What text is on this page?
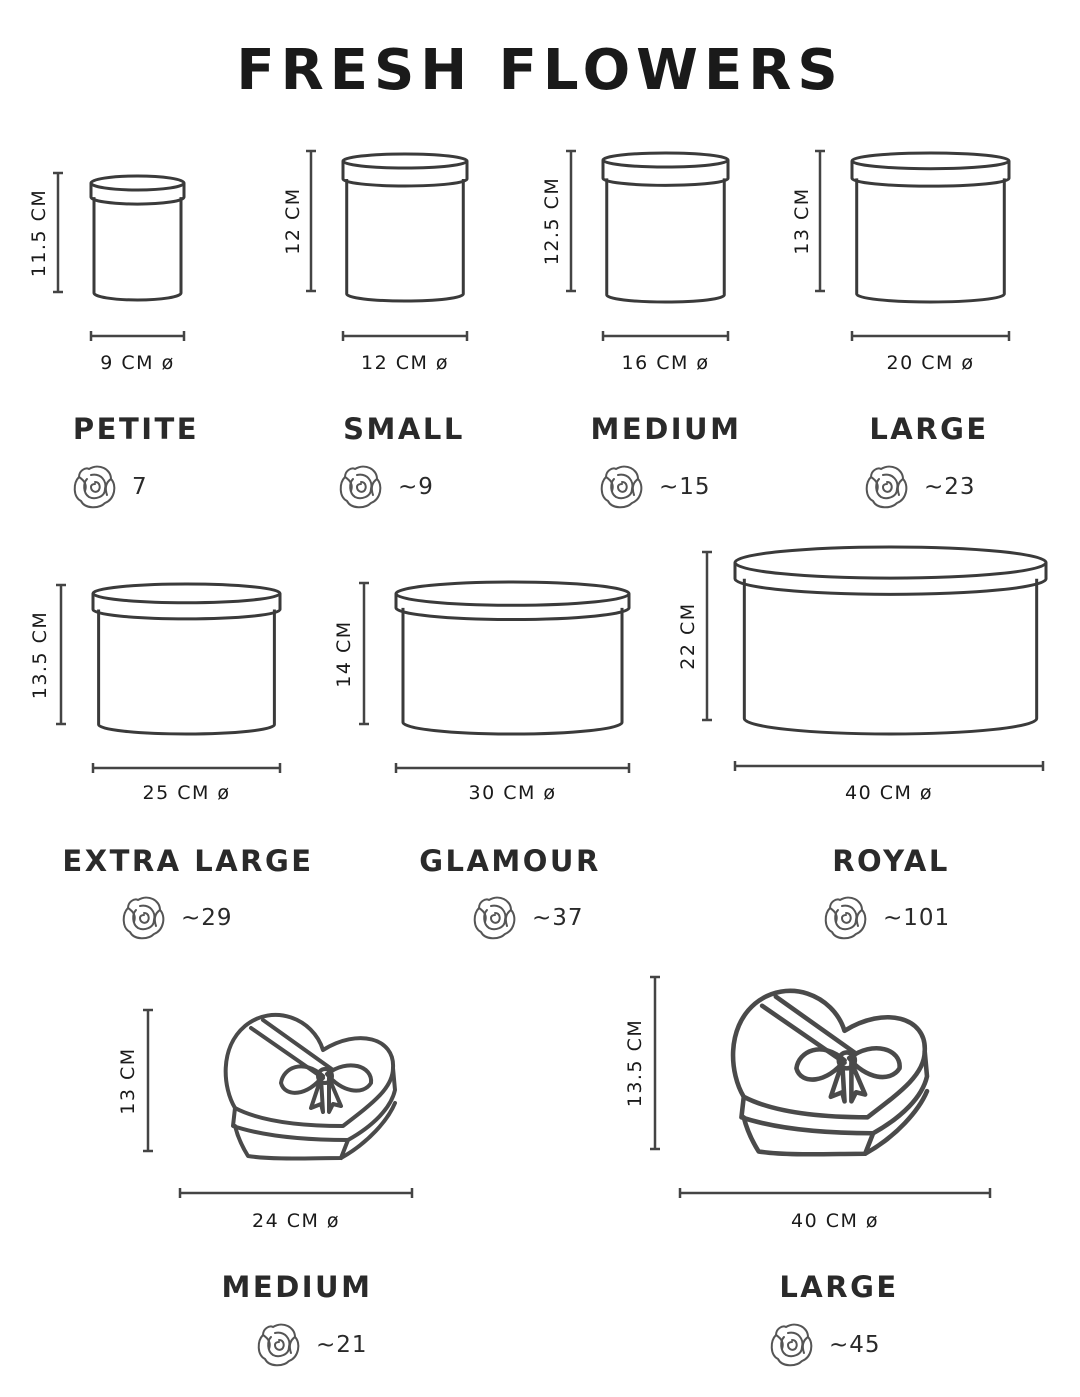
FRESH FLOWERS
11.5 CM
9 CM ø
PETITE
7
12 CM
12 CM ø
SMALL
~9
12.5 CM
16 CM ø
MEDIUM
~15
13 CM
20 CM ø
LARGE
~23
13.5 CM
25 CM ø
EXTRA LARGE
~29
14 CM
30 CM ø
GLAMOUR
~37
22 CM
40 CM ø
ROYAL
~101
13 CM
24 CM ø
MEDIUM
~21
13.5 CM
40 CM ø
LARGE
~45
